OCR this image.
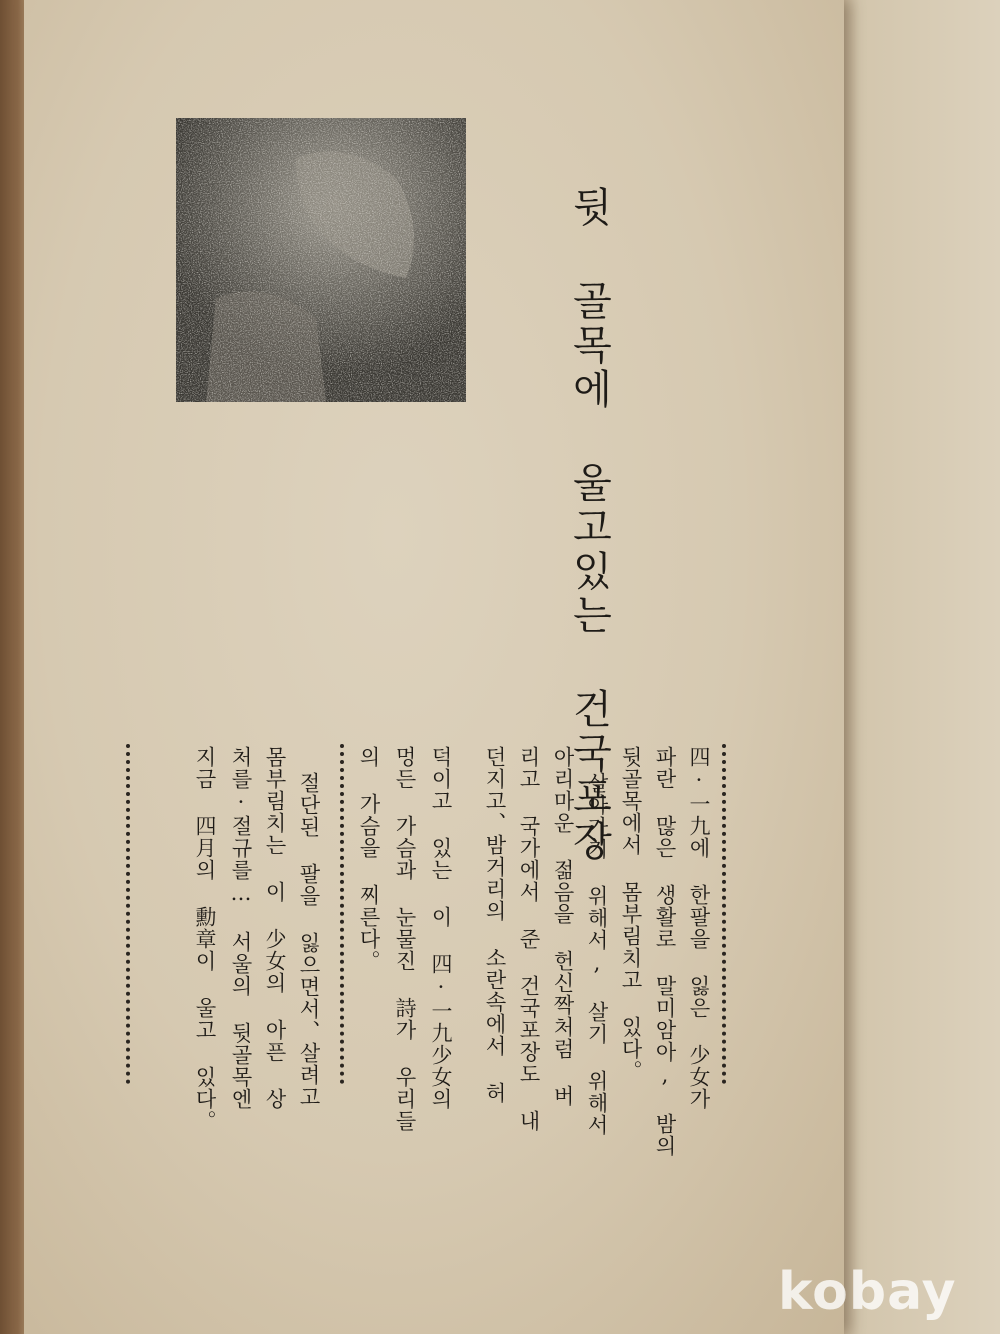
뒷 골목에 울고있는 건국포장
四·一九에 한팔을 잃은 少女가
파란 많은 생활로 말미암아, 밤의
뒷골목에서 몸부림치고 있다。
살아가기 위해서, 살기 위해서
아리마운 젊음을 헌신짝처럼 버
리고 국가에서 준 건국포장도 내
던지고、밤거리의 소란속에서 허
덕이고 있는 이 四·一九少女의
멍든 가슴과 눈물진 詩가 우리들
의 가슴을 찌른다。
절단된 팔을 잃으면서、살려고
몸부림치는 이 少女의 아픈 상
처를·절규를… 서울의 뒷골목엔
지금 四月의 勳章이 울고 있다。
kobay
